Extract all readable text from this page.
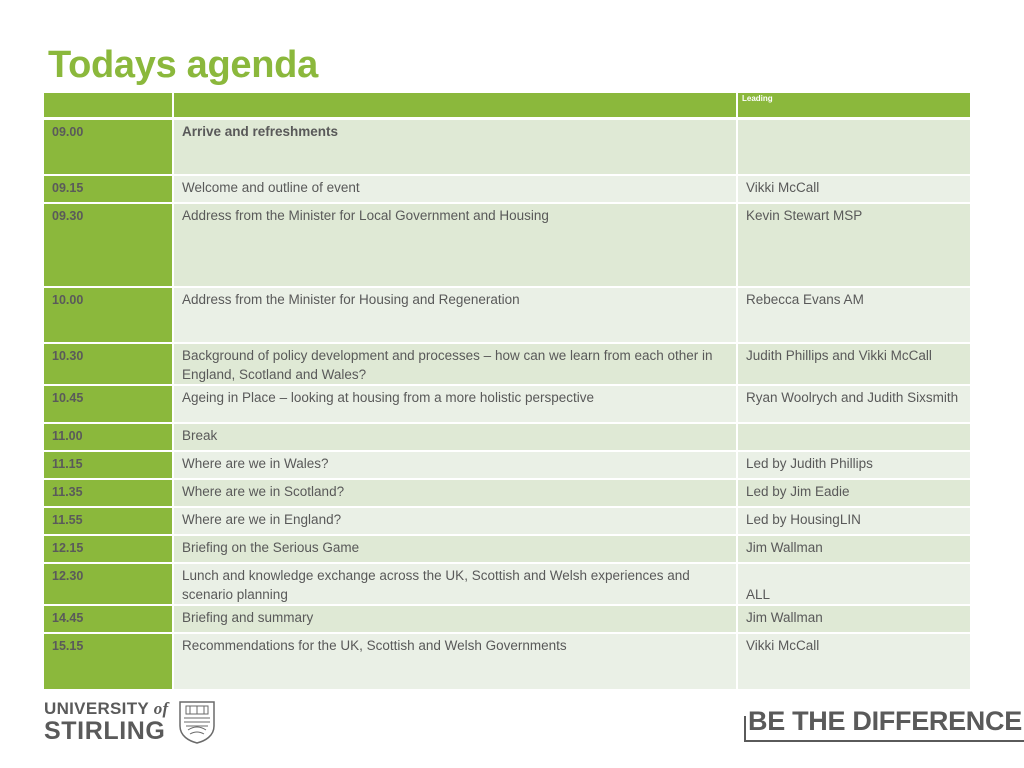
Todays agenda
		Leading
09.00	Arrive and refreshments	
09.15	Welcome and outline of event	Vikki McCall
09.30	Address from the Minister for Local Government and Housing	Kevin Stewart MSP
10.00	Address from the Minister for Housing and Regeneration	Rebecca Evans AM
10.30	Background of policy development and processes – how can we learn from each other in England, Scotland and Wales?	Judith Phillips and Vikki McCall
10.45	Ageing in Place – looking at housing from a more holistic perspective	Ryan Woolrych and Judith Sixsmith
11.00	Break	
11.15	Where are we in Wales?	Led by Judith Phillips
11.35	Where are we in Scotland?	Led by Jim Eadie
11.55	Where are we in England?	Led by HousingLIN
12.15	Briefing on the Serious Game	Jim Wallman
12.30	Lunch and knowledge exchange across the UK, Scottish and Welsh experiences and scenario planning	ALL
14.45	Briefing and summary	Jim Wallman
15.15	Recommendations for the UK, Scottish and Welsh Governments	Vikki McCall
UNIVERSITY of
STIRLING	BE THE DIFFERENCE
